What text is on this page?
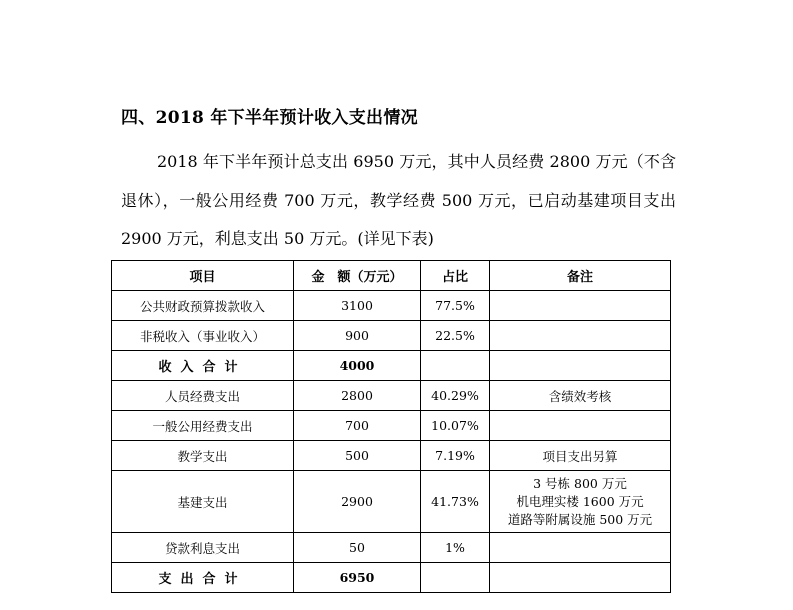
四、2018 年下半年预计收入支出情况
2018 年下半年预计总支出 6950 万元，其中人员经费 2800 万元（不含退休），一般公用经费 700 万元，教学经费 500 万元，已启动基建项目支出 2900 万元，利息支出 50 万元。(详见下表)
项目	金　额（万元）	占比	备注
公共财政预算拨款收入	3100	77.5%	
非税收入（事业收入）	900	22.5%	
收入合计	4000		
人员经费支出	2800	40.29%	含绩效考核
一般公用经费支出	700	10.07%	
教学支出	500	7.19%	项目支出另算
基建支出	2900	41.73%	3 号栋 800 万元
机电理实楼 1600 万元
道路等附属设施 500 万元

贷款利息支出	50	1%	
支出合计	6950		
